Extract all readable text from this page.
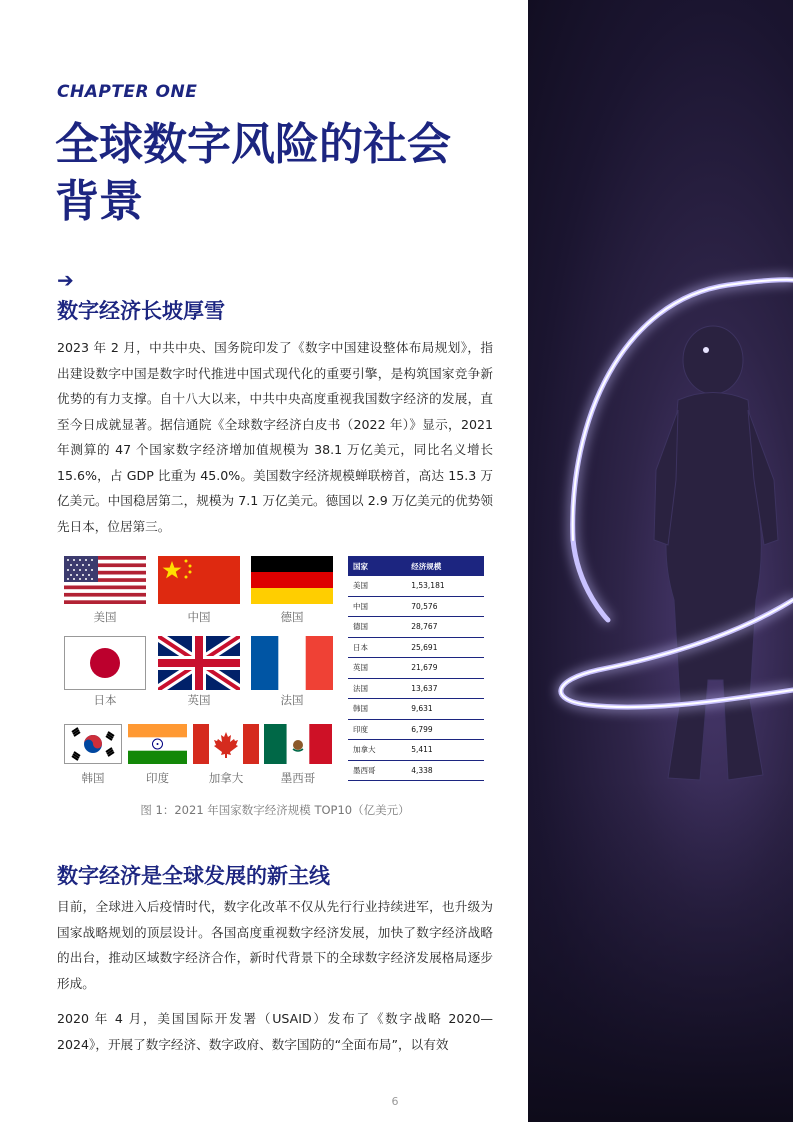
CHAPTER ONE
全球数字风险的社会背景
➔
数字经济长坡厚雪

2023 年 2 月，中共中央、国务院印发了《数字中国建设整体布局规划》，指出建设数字中国是数字时代推进中国式现代化的重要引擎，是构筑国家竞争新优势的有力支撑。自十八大以来，中共中央高度重视我国数字经济的发展，直至今日成就显著。据信通院《全球数字经济白皮书（2022 年）》显示，2021 年测算的 47 个国家数字经济增加值规模为 38.1 万亿美元，同比名义增长 15.6%，占 GDP 比重为 45.0%。美国数字经济规模蝉联榜首，高达 15.3 万亿美元。中国稳居第二，规模为 7.1 万亿美元。德国以 2.9 万亿美元的优势领先日本，位居第三。

美国	中国	德国
日本	英国	法国
韩国	印度	加拿大	墨西哥
国家	经济规模
美国	1,53,181
中国	70,576
德国	28,767
日本	25,691
英国	21,679
法国	13,637
韩国	9,631
印度	6,799
加拿大	5,411
墨西哥	4,338
图 1：2021 年国家数字经济规模 TOP10（亿美元）
数字经济是全球发展的新主线

目前，全球进入后疫情时代，数字化改革不仅从先行行业持续进军，也升级为国家战略规划的顶层设计。各国高度重视数字经济发展，加快了数字经济战略的出台，推动区域数字经济合作，新时代背景下的全球数字经济发展格局逐步形成。

2020 年 4 月，美国国际开发署（USAID）发布了《数字战略 2020—2024》，开展了数字经济、数字政府、数字国防的“全面布局”，以有效

6
